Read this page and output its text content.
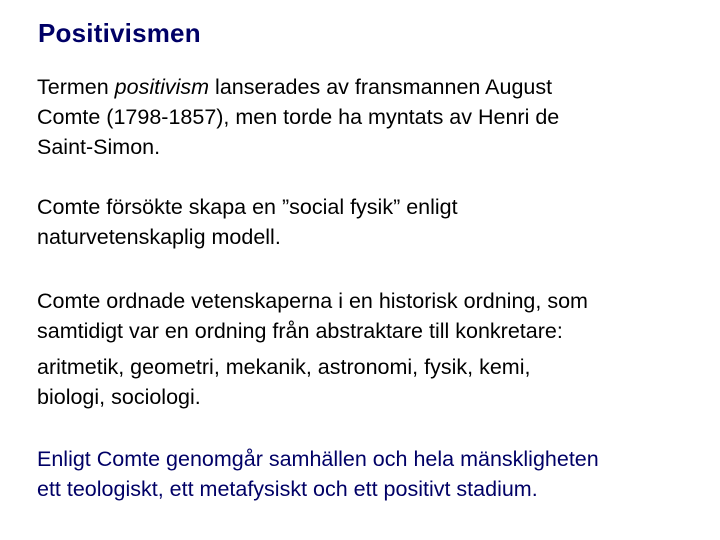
Positivismen

Termen positivism lanserades av fransmannen August
Comte (1798-1857), men torde ha myntats av Henri de
Saint-Simon.

Comte försökte skapa en ”social fysik” enligt
naturvetenskaplig modell.

Comte ordnade vetenskaperna i en historisk ordning, som
samtidigt var en ordning från abstraktare till konkretare:

aritmetik, geometri, mekanik, astronomi, fysik, kemi,
biologi, sociologi.

Enligt Comte genomgår samhällen och hela mänskligheten
ett teologiskt, ett metafysiskt och ett positivt stadium.
